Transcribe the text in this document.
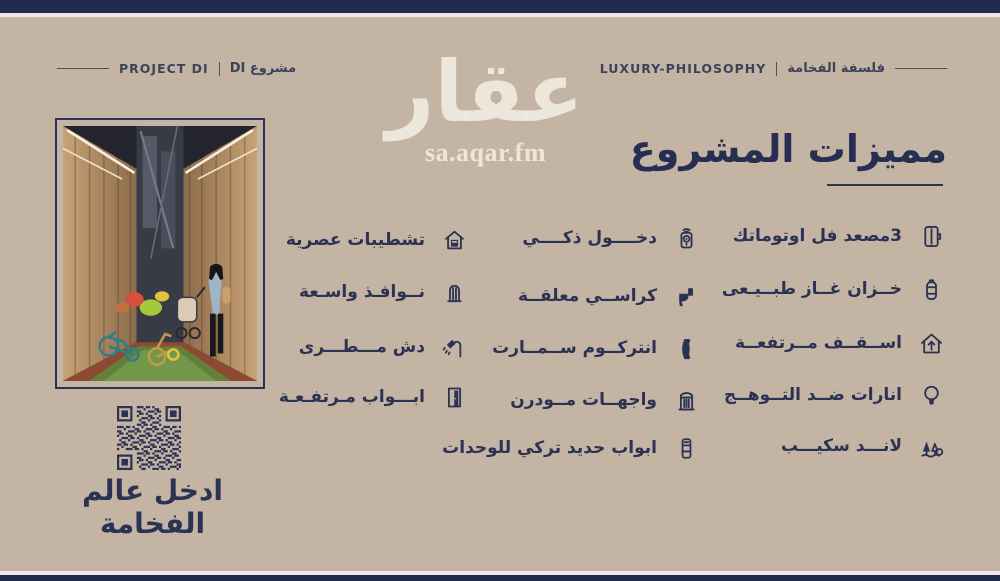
PROJECT DI مشروع DI	LUXURY-PHILOSOPHY فلسفة الفخامة
عقار
sa.aqar.fm مميزات المشروع
ادخل عالم الفخامة
3مصعد فل اوتوماتك
خــزان غــاز طبــيـعى
اســقــف مــرتفعــة
انارات ضــد التــوهــج
لانـــد سكيـــب
دخــــول ذكــــي
كراســي معلقــة
انتركــوم ســمــارت
واجهــات مــودرن
ابواب حديد تركي للوحدات
تشطيبات عصرية
نــوافـذ واسـعة
دش مـــطـــرى
ابـــواب مـرتفـعـة
